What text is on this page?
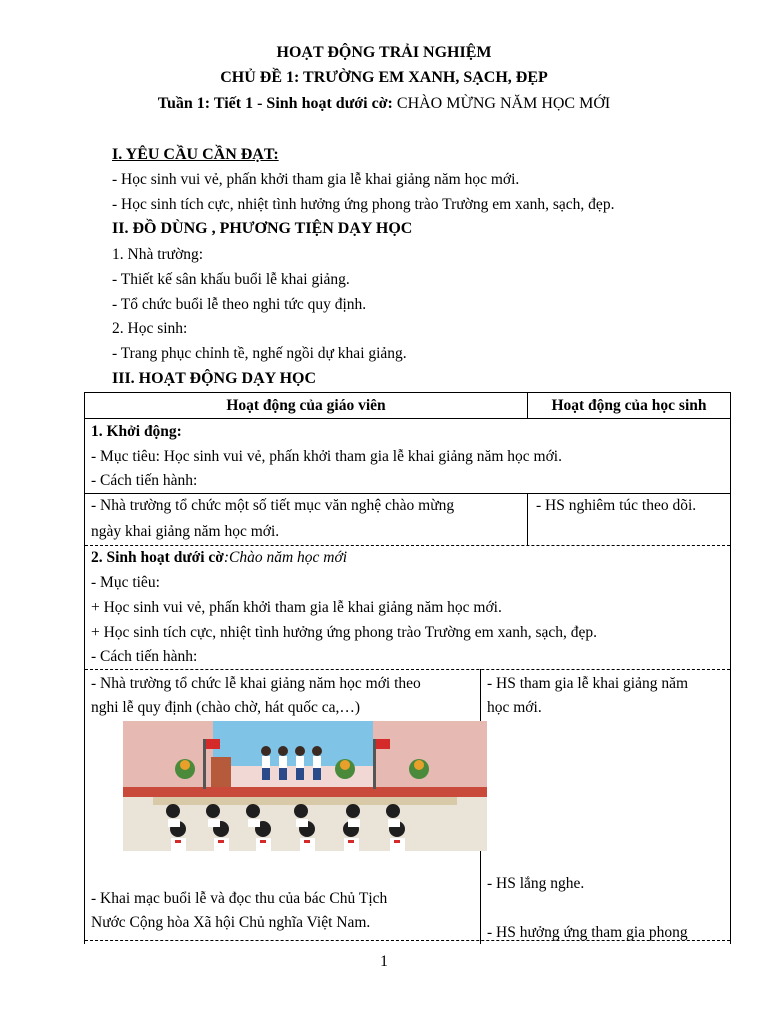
HOẠT ĐỘNG TRẢI NGHIỆM
CHỦ ĐỀ 1: TRƯỜNG EM XANH, SẠCH, ĐẸP
Tuần 1: Tiết 1 - Sinh hoạt dưới cờ: CHÀO MỪNG NĂM HỌC MỚI
I. YÊU CẦU CẦN ĐẠT:
- Học sinh vui vẻ, phấn khởi tham gia lễ khai giảng năm học mới.
- Học sinh tích cực, nhiệt tình hưởng ứng phong trào Trường em xanh, sạch, đẹp.
II. ĐỒ DÙNG , PHƯƠNG TIỆN DẠY HỌC
1. Nhà trường:
- Thiết kế sân khấu buổi lễ khai giảng.
- Tổ chức buổi lễ theo nghi tức quy định.
2. Học sinh:
- Trang phục chỉnh tề, nghế ngồi dự khai giảng.
III. HOẠT ĐỘNG DẠY HỌC
Hoạt động của giáo viên	Hoạt động của học sinh
1. Khởi động:
- Mục tiêu: Học sinh vui vẻ, phấn khởi tham gia lễ khai giảng năm học mới.
- Cách tiến hành:
- Nhà trường tổ chức một số tiết mục văn nghệ chào mừng
ngày khai giảng năm học mới.
- HS nghiêm túc theo dõi.
2. Sinh hoạt dưới cờ:Chào năm học mới
- Mục tiêu:
+ Học sinh vui vẻ, phấn khởi tham gia lễ khai giảng năm học mới.
+ Học sinh tích cực, nhiệt tình hưởng ứng phong trào Trường em xanh, sạch, đẹp.
- Cách tiến hành:
- Nhà trường tổ chức lễ khai giảng năm học mới theo
nghi lễ quy định (chào chờ, hát quốc ca,…)
- HS tham gia lễ khai giảng năm
học mới.
- HS lắng nghe.
- Khai mạc buổi lễ và đọc thu của bác Chủ Tịch
Nước Cộng hòa Xã hội Chủ nghĩa Việt Nam.
- HS hưởng ứng tham gia phong
1
